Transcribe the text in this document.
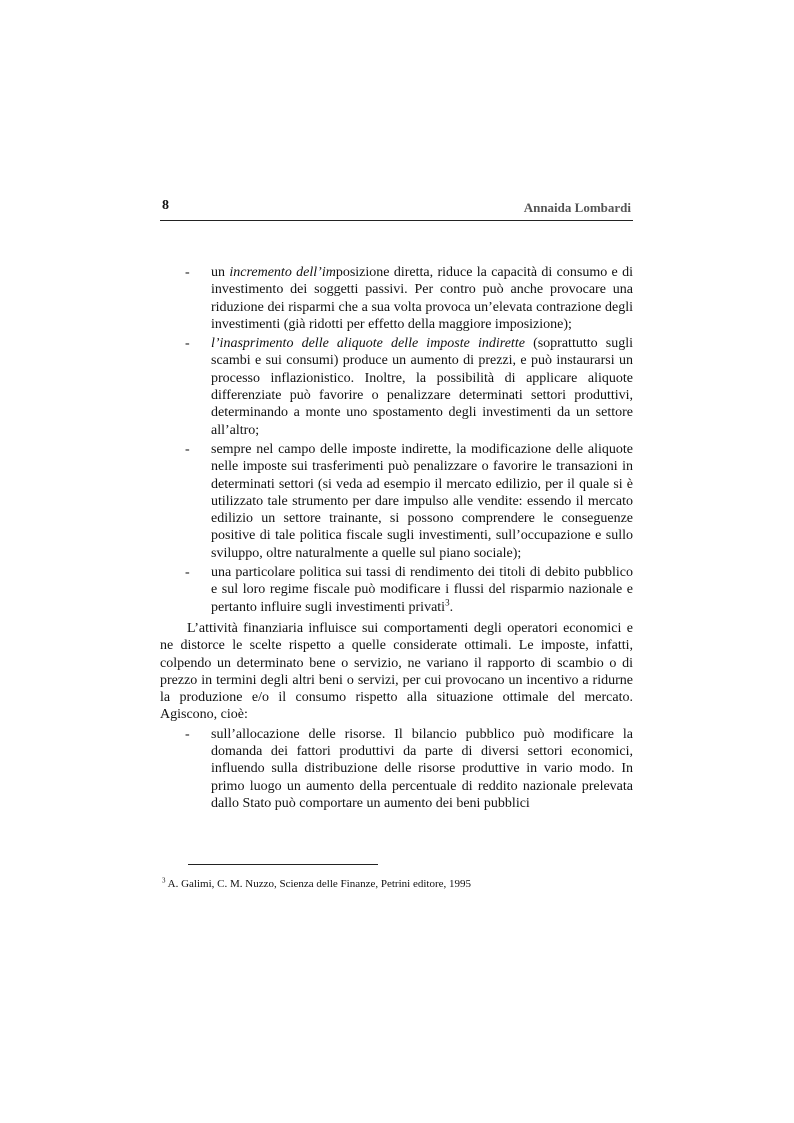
8	Annaida Lombardi
- un incremento dell’imposizione diretta, riduce la capacità di consumo e di investimento dei soggetti passivi. Per contro può anche provocare una riduzione dei risparmi che a sua volta provoca un’elevata contrazione degli investimenti (già ridotti per effetto della maggiore imposizione);
- l’inasprimento delle aliquote delle imposte indirette (soprattutto sugli scambi e sui consumi) produce un aumento di prezzi, e può instaurarsi un processo inflazionistico. Inoltre, la possibilità di applicare aliquote differenziate può favorire o penalizzare determinati settori produttivi, determinando a monte uno spostamento degli investimenti da un settore all’altro;
- sempre nel campo delle imposte indirette, la modificazione delle aliquote nelle imposte sui trasferimenti può penalizzare o favorire le transazioni in determinati settori (si veda ad esempio il mercato edilizio, per il quale si è utilizzato tale strumento per dare impulso alle vendite: essendo il mercato edilizio un settore trainante, si possono comprendere le conseguenze positive di tale politica fiscale sugli investimenti, sull’occupazione e sullo sviluppo, oltre naturalmente a quelle sul piano sociale);
- una particolare politica sui tassi di rendimento dei titoli di debito pubblico e sul loro regime fiscale può modificare i flussi del risparmio nazionale e pertanto influire sugli investimenti privati$^3$.

L’attività finanziaria influisce sui comportamenti degli operatori economici e ne distorce le scelte rispetto a quelle considerate ottimali. Le imposte, infatti, colpendo un determinato bene o servizio, ne variano il rapporto di scambio o di prezzo in termini degli altri beni o servizi, per cui provocano un incentivo a ridurne la produzione e/o il consumo rispetto alla situazione ottimale del mercato. Agiscono, cioè:

- sull’allocazione delle risorse. Il bilancio pubblico può modificare la domanda dei fattori produttivi da parte di diversi settori economici, influendo sulla distribuzione delle risorse produttive in vario modo. In primo luogo un aumento della percentuale di reddito nazionale prelevata dallo Stato può comportare un aumento dei beni pubblici
$^3$ A. Galimi, C. M. Nuzzo, Scienza delle Finanze, Petrini editore, 1995
